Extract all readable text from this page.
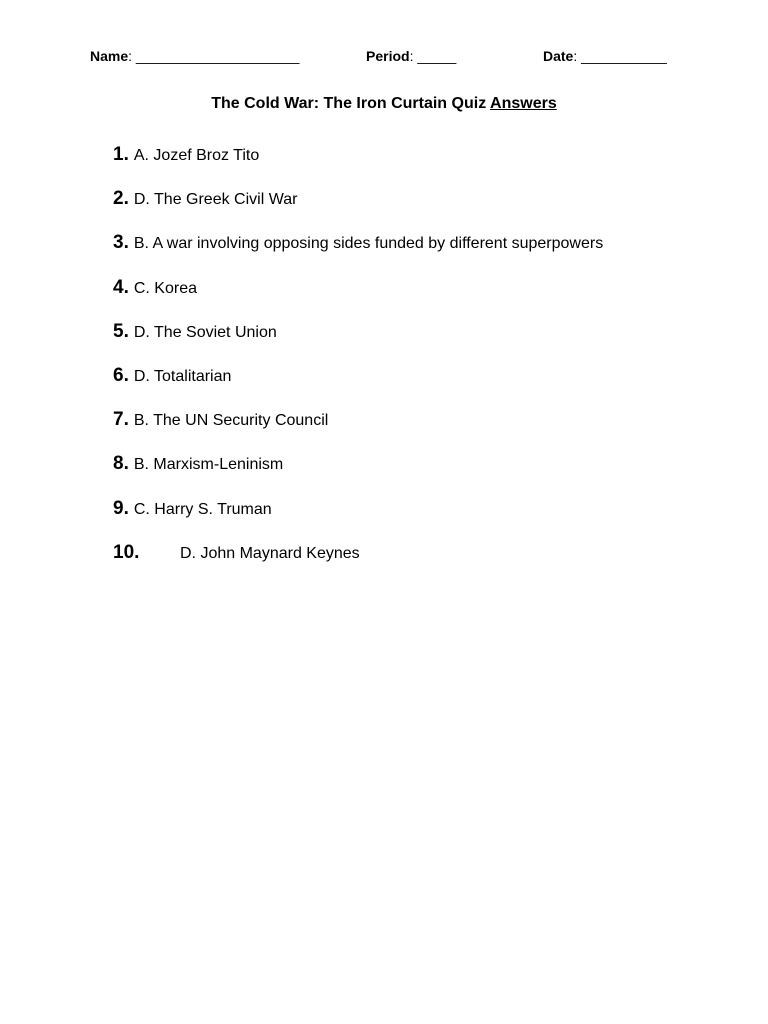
Name: _____________________	Period: _____	Date: ___________
The Cold War: The Iron Curtain Quiz Answers
1. A. Jozef Broz Tito
2. D. The Greek Civil War
3. B. A war involving opposing sides funded by different superpowers
4. C. Korea
5. D. The Soviet Union
6. D. Totalitarian
7. B. The UN Security Council
8. B. Marxism-Leninism
9. C. Harry S. Truman
10.	D. John Maynard Keynes
